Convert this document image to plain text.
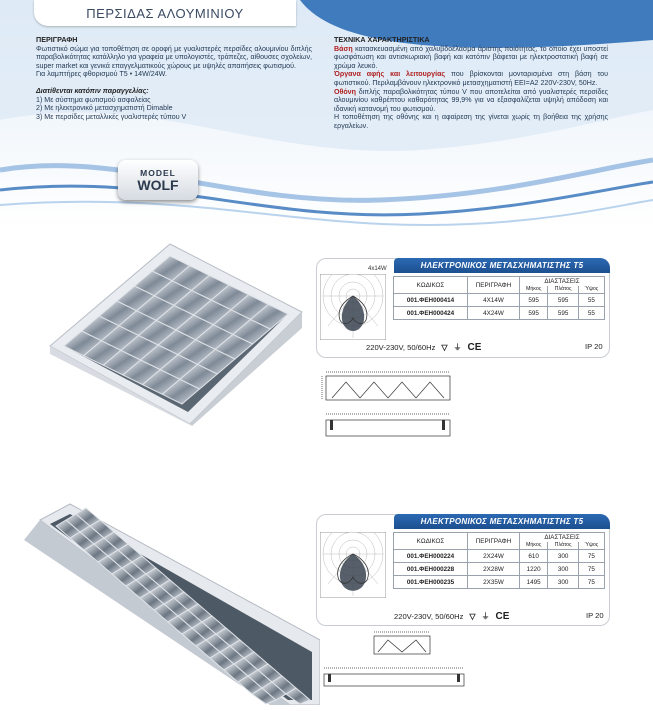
ΠΕΡΣΙΔΑΣ ΑΛΟΥΜΙΝΙΟΥ
ΠΕΡΙΓΡΑΦΗ
Φωτιστικό σώμα για τοποθέτηση σε οροφή με γυαλιστερές περσίδες αλουμινίου διπλής παραβολικότητας κατάλληλο για γραφεία με υπολογιστές, τράπεζες, αίθουσες σχολείων, super market και γενικά επαγγελματικούς χώρους με υψηλές απαιτήσεις φωτισμού.
Για λαμπτήρες φθορισμού T5 • 14W/24W.
Διατίθενται κατόπιν παραγγελίας:
1) Με σύστημα φωτισμού ασφαλείας
2) Με ηλεκτρονικό μετασχηματιστή Dimable
3) Με περσίδες μεταλλικές γυαλιστερές τύπου V
ΤΕΧΝΙΚΑ ΧΑΡΑΚΤΗΡΙΣΤΙΚΑ
Βάση κατασκευασμένη από χαλυβδοέλασμα άριστης ποιότητας, το οποίο έχει υποστεί φωσφάτωση και αντισκωριακή βαφή και κατόπιν βάφεται με ηλεκτροστατική βαφή σε χρώμα λευκό.
Όργανα αφής και λειτουργίας που βρίσκονται μονταρισμένα στη βάση του φωτιστικού. Περιλαμβάνουν ηλεκτρονικό μετασχηματιστή ΕΕΙ=Α2 220V-230V, 50Hz.
Οθόνη διπλής παραβολικότητας τύπου V που αποτελείται από γυαλιστερές περσίδες αλουμινίου καθρέπτου καθαρότητας 99,9% για να εξασφαλίζεται υψηλή απόδοση και ιδανική κατανομή του φωτισμού.
Η τοποθέτηση της οθόνης και η αφαίρεση της γίνεται χωρίς τη βοήθεια της χρήσης εργαλείων.
MODEL
WOLF
ΗΛΕΚΤΡΟΝΙΚΟΣ ΜΕΤΑΣΧΗΜΑΤΙΣΤΗΣ T5
4x14W
ΚΩΔΙΚΟΣ	ΠΕΡΙΓΡΑΦΗ	ΔΙΑΣΤΑΣΕΙΣ		
		Μήκος	Πλάτος	Ύψος
001.ΦΕΗ000414	4X14W	595	595	55
001.ΦΕΗ000424	4X24W	595	595	55
220V-230V, 50/60Hz ▽ ⏚ CE	IP 20
ΗΛΕΚΤΡΟΝΙΚΟΣ ΜΕΤΑΣΧΗΜΑΤΙΣΤΗΣ T5
ΚΩΔΙΚΟΣ	ΠΕΡΙΓΡΑΦΗ	ΔΙΑΣΤΑΣΕΙΣ		
		Μήκος	Πλάτος	Ύψος
001.ΦΕΗ000224	2X24W	610	300	75
001.ΦΕΗ000228	2X28W	1220	300	75
001.ΦΕΗ000235	2X35W	1495	300	75
220V-230V, 50/60Hz ▽ ⏚ CE	IP 20
